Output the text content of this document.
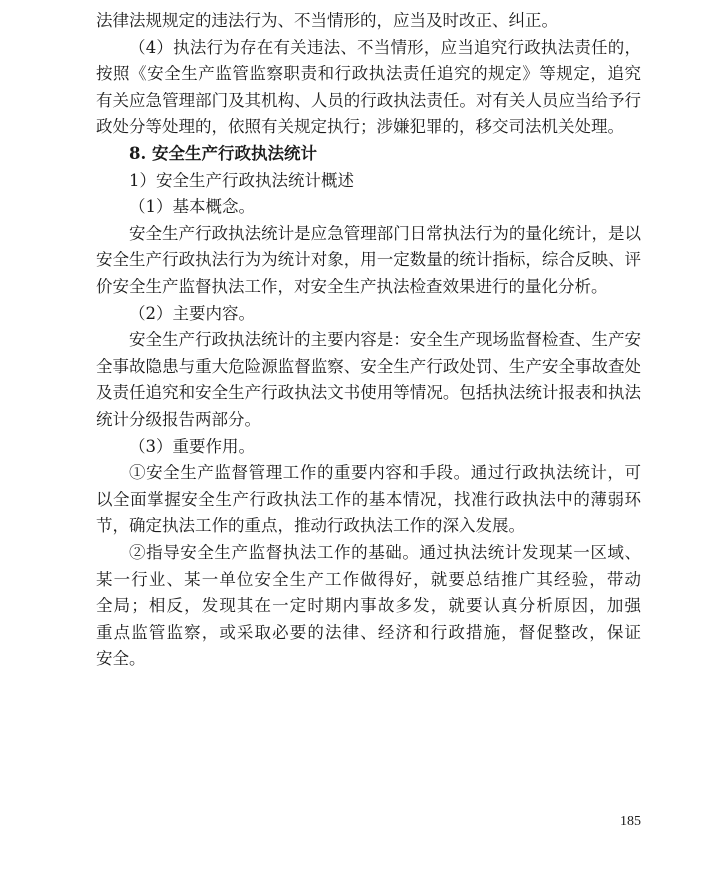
法律法规规定的违法行为、不当情形的，应当及时改正、纠正。
（4）执法行为存在有关违法、不当情形，应当追究行政执法责任的，
按照《安全生产监管监察职责和行政执法责任追究的规定》等规定，追究
有关应急管理部门及其机构、人员的行政执法责任。对有关人员应当给予行
政处分等处理的，依照有关规定执行；涉嫌犯罪的，移交司法机关处理。
8. 安全生产行政执法统计
1）安全生产行政执法统计概述
（1）基本概念。
安全生产行政执法统计是应急管理部门日常执法行为的量化统计，是以
安全生产行政执法行为为统计对象，用一定数量的统计指标，综合反映、评
价安全生产监督执法工作，对安全生产执法检查效果进行的量化分析。
（2）主要内容。
安全生产行政执法统计的主要内容是：安全生产现场监督检查、生产安
全事故隐患与重大危险源监督监察、安全生产行政处罚、生产安全事故查处
及责任追究和安全生产行政执法文书使用等情况。包括执法统计报表和执法
统计分级报告两部分。
（3）重要作用。
①安全生产监督管理工作的重要内容和手段。通过行政执法统计，可
以全面掌握安全生产行政执法工作的基本情况，找准行政执法中的薄弱环
节，确定执法工作的重点，推动行政执法工作的深入发展。
②指导安全生产监督执法工作的基础。通过执法统计发现某一区域、
某一行业、某一单位安全生产工作做得好，就要总结推广其经验，带动
全局；相反，发现其在一定时期内事故多发，就要认真分析原因，加强
重点监管监察，或采取必要的法律、经济和行政措施，督促整改，保证
安全。
185
